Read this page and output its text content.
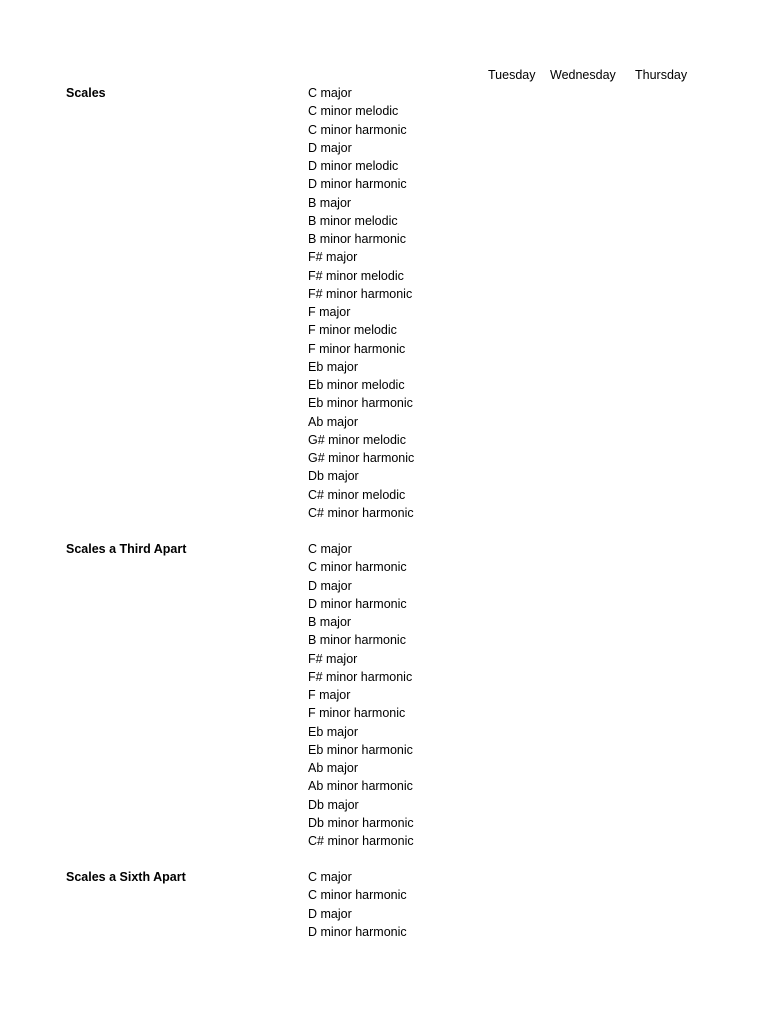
Tuesday Wednesday Thursday
Scales	C major
C minor melodic
C minor harmonic
D major
D minor melodic
D minor harmonic
B major
B minor melodic
B minor harmonic
F# major
F# minor melodic
F# minor harmonic
F major
F minor melodic
F minor harmonic
Eb major
Eb minor melodic
Eb minor harmonic
Ab major
G# minor melodic
G# minor harmonic
Db major
C# minor melodic
C# minor harmonic
Scales a Third Apart	C major
C minor harmonic
D major
D minor harmonic
B major
B minor harmonic
F# major
F# minor harmonic
F major
F minor harmonic
Eb major
Eb minor harmonic
Ab major
Ab minor harmonic
Db major
Db minor harmonic
C# minor harmonic
Scales a Sixth Apart	C major
C minor harmonic
D major
D minor harmonic
